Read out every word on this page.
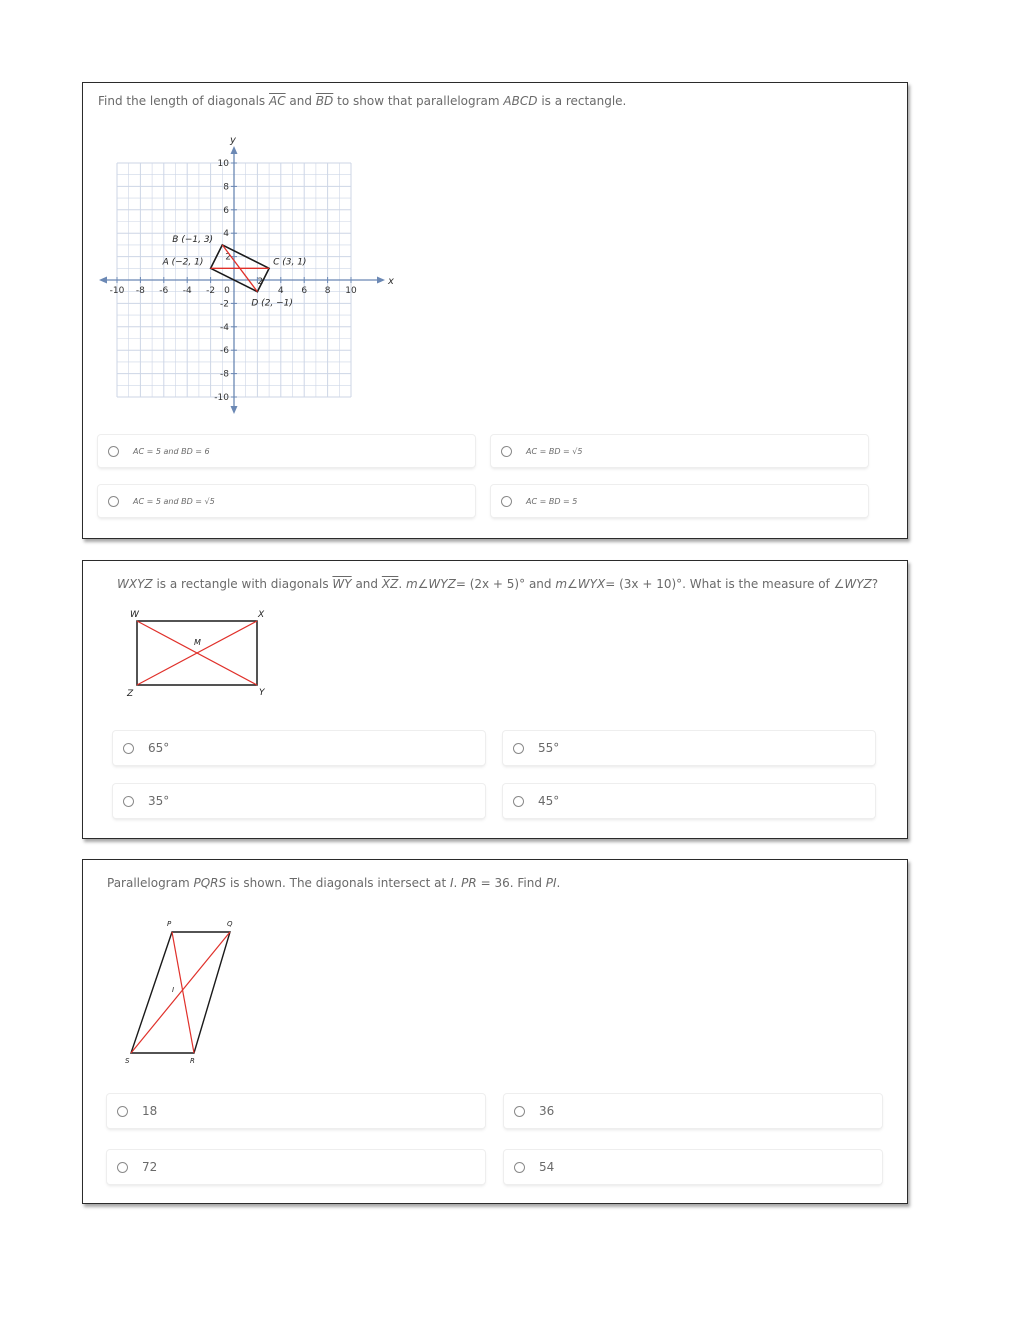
Find the length of diagonals $\overline{AC}$ and $\overline{BD}$ to show that parallelogram ABCD is a rectangle.
x
y
-10 -8 -6 -4 -2 0
2
4 6 8 10
10
8
6
4
2
-2
-4
-6
-8
-10
A (−2, 1)
B (−1, 3)
C (3, 1)
D (2, −1)
AC = 5 and BD = 6	AC = BD = √5
AC = 5 and BD = √5	AC = BD = 5
WXYZ is a rectangle with diagonals $\overline{WY}$ and $\overline{XZ}$. m∠WYZ= (2x + 5)° and m∠WYX= (3x + 10)°. What is the measure of ∠WYZ?
W	X
Y
Z
M
65°	55°
35°	45°
Parallelogram PQRS is shown. The diagonals intersect at I. PR = 36. Find PI.
P	Q
R
S
I
18	36
72	54
